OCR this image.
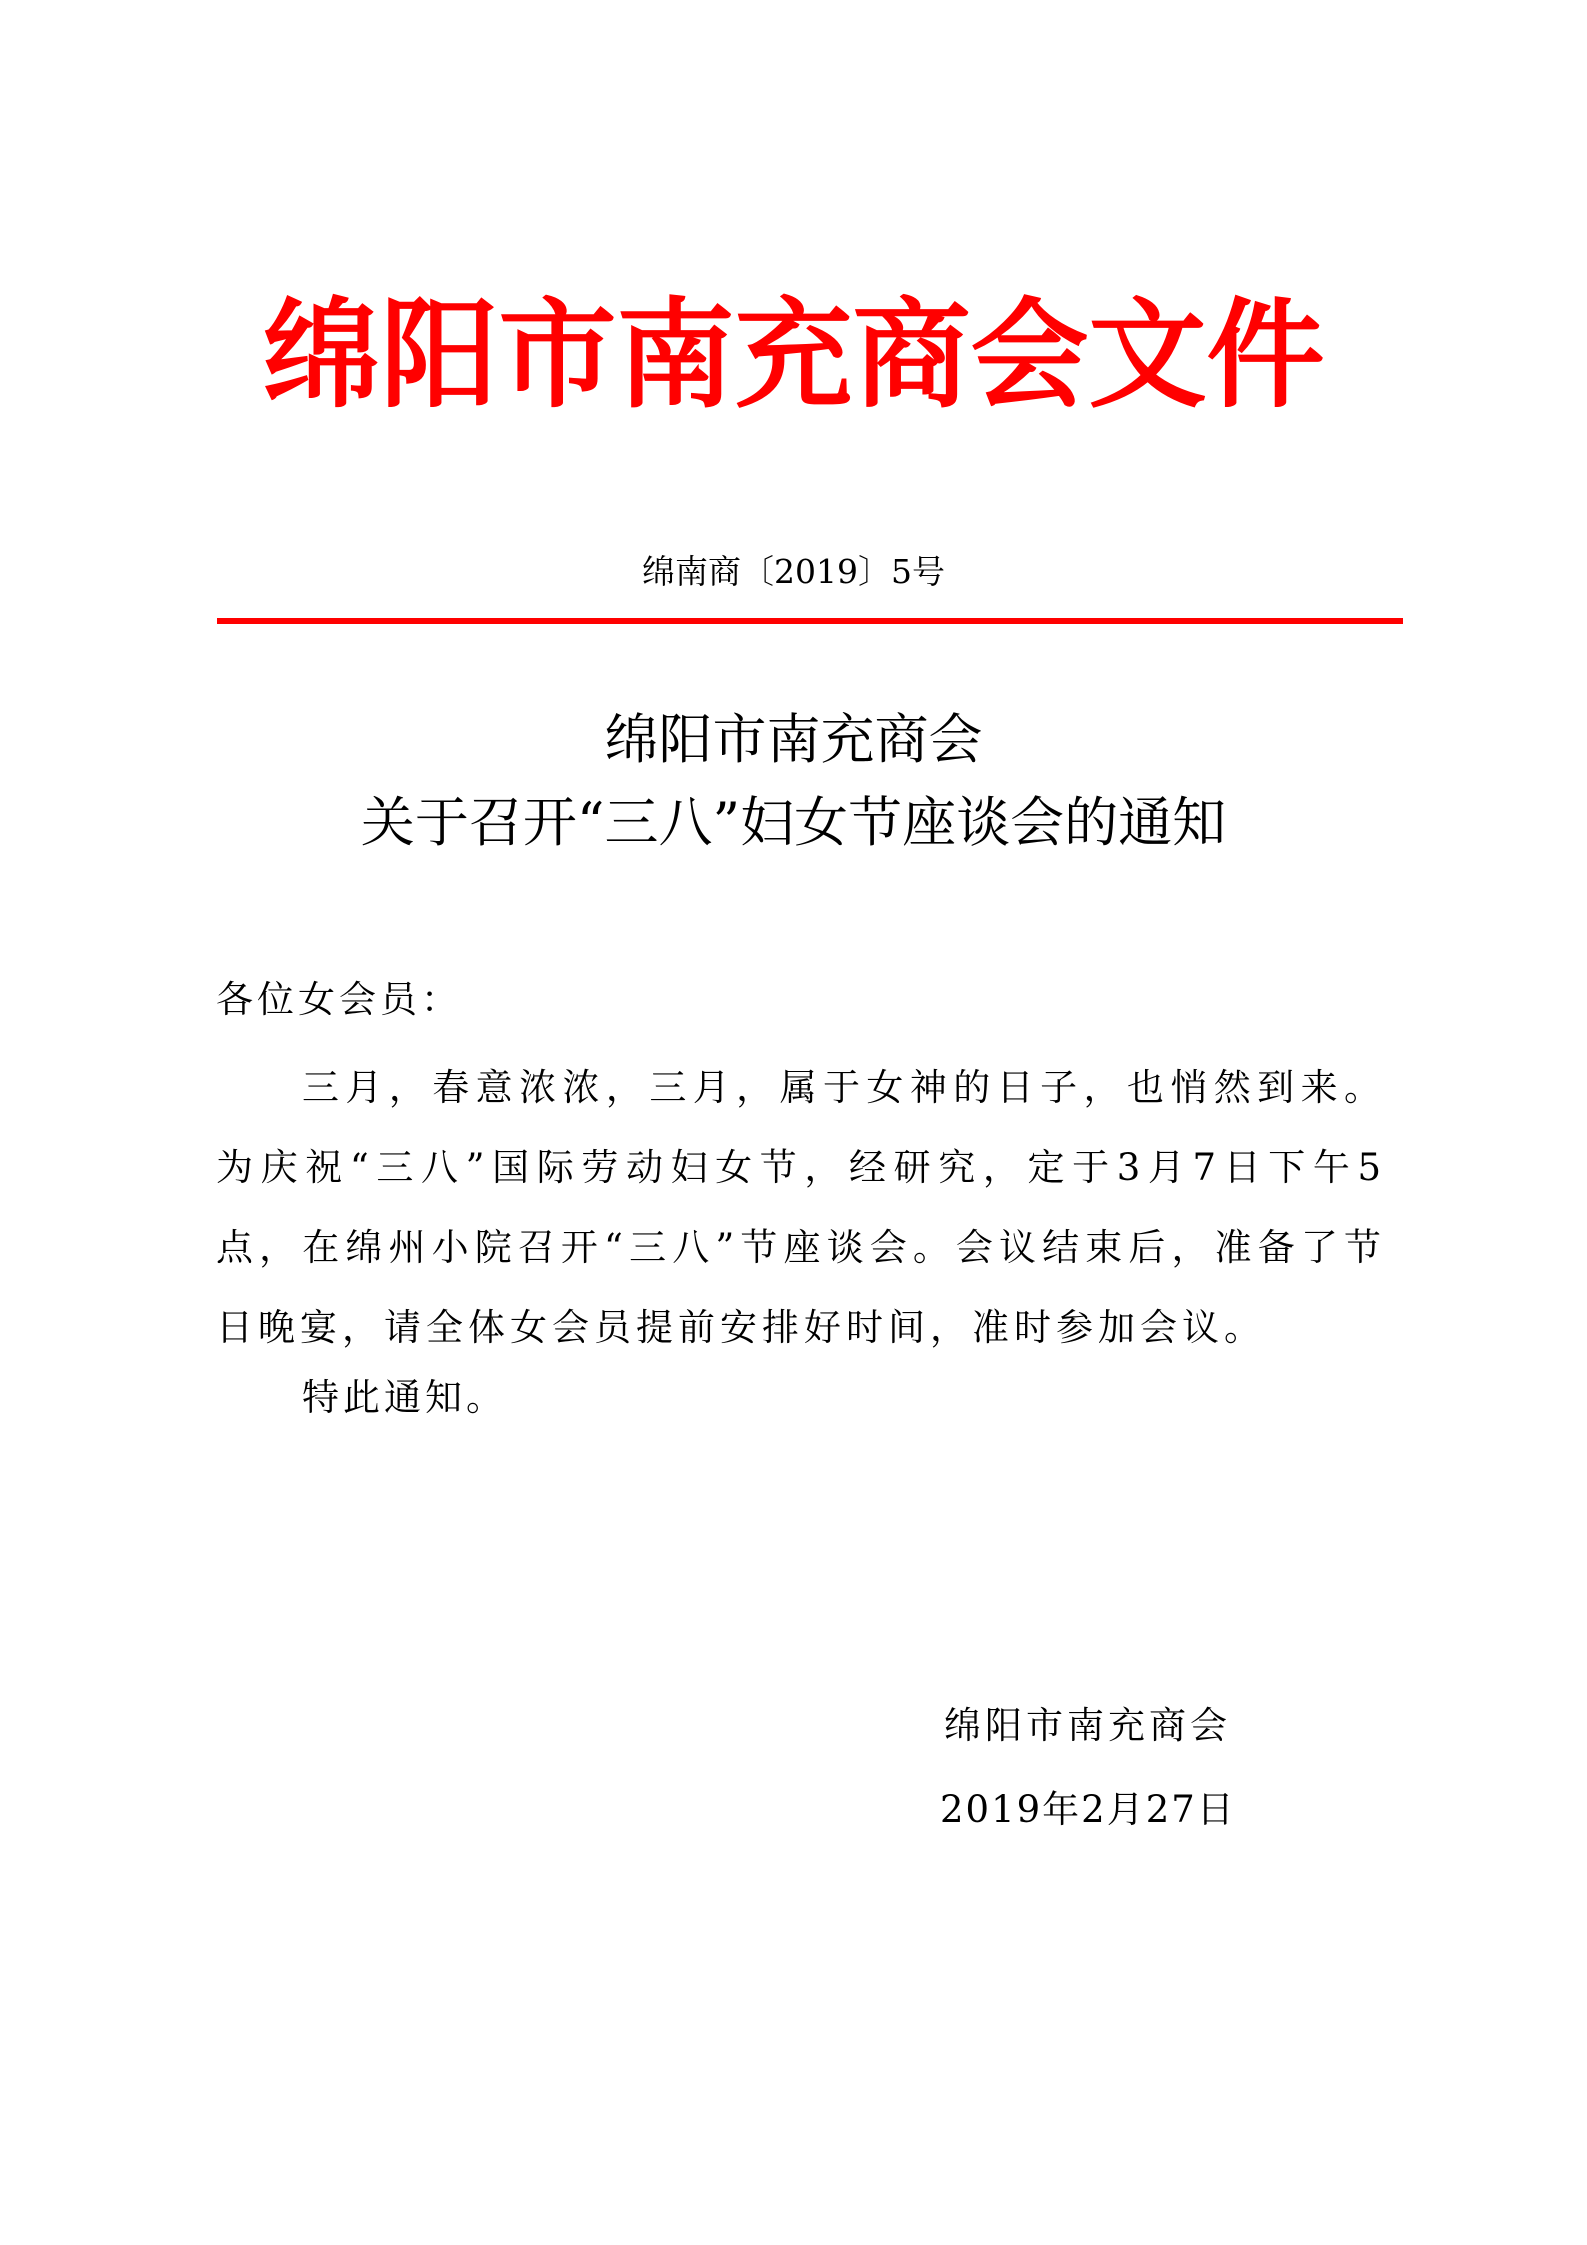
绵阳市南充商会文件
绵南商〔2019〕5号
绵阳市南充商会
关于召开“三八”妇女节座谈会的通知
各位女会员：
三月，春意浓浓，三月，属于女神的日子，也悄然到来。为庆祝“三八”国际劳动妇女节，经研究，定于3月7日下午5点，在绵州小院召开“三八”节座谈会。会议结束后，准备了节日晚宴，请全体女会员提前安排好时间，准时参加会议。
特此通知。
绵阳市南充商会
2019年2月27日
